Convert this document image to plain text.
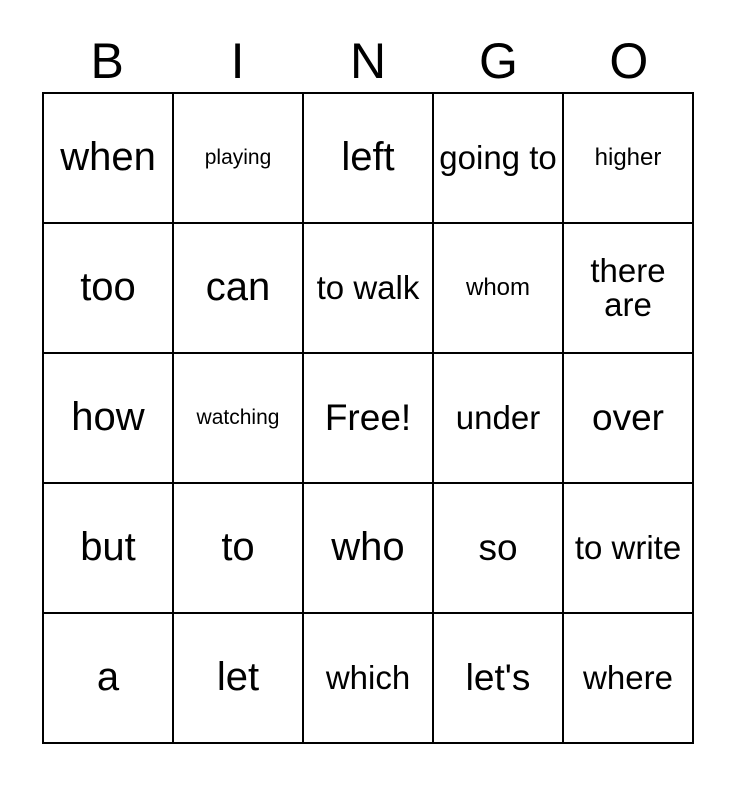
B	I	N	G	O
when	playing	left	going to	higher
too	can	to walk	whom	there are
how	watching	Free!	under	over
but	to	who	so	to write
a	let	which	let's	where
